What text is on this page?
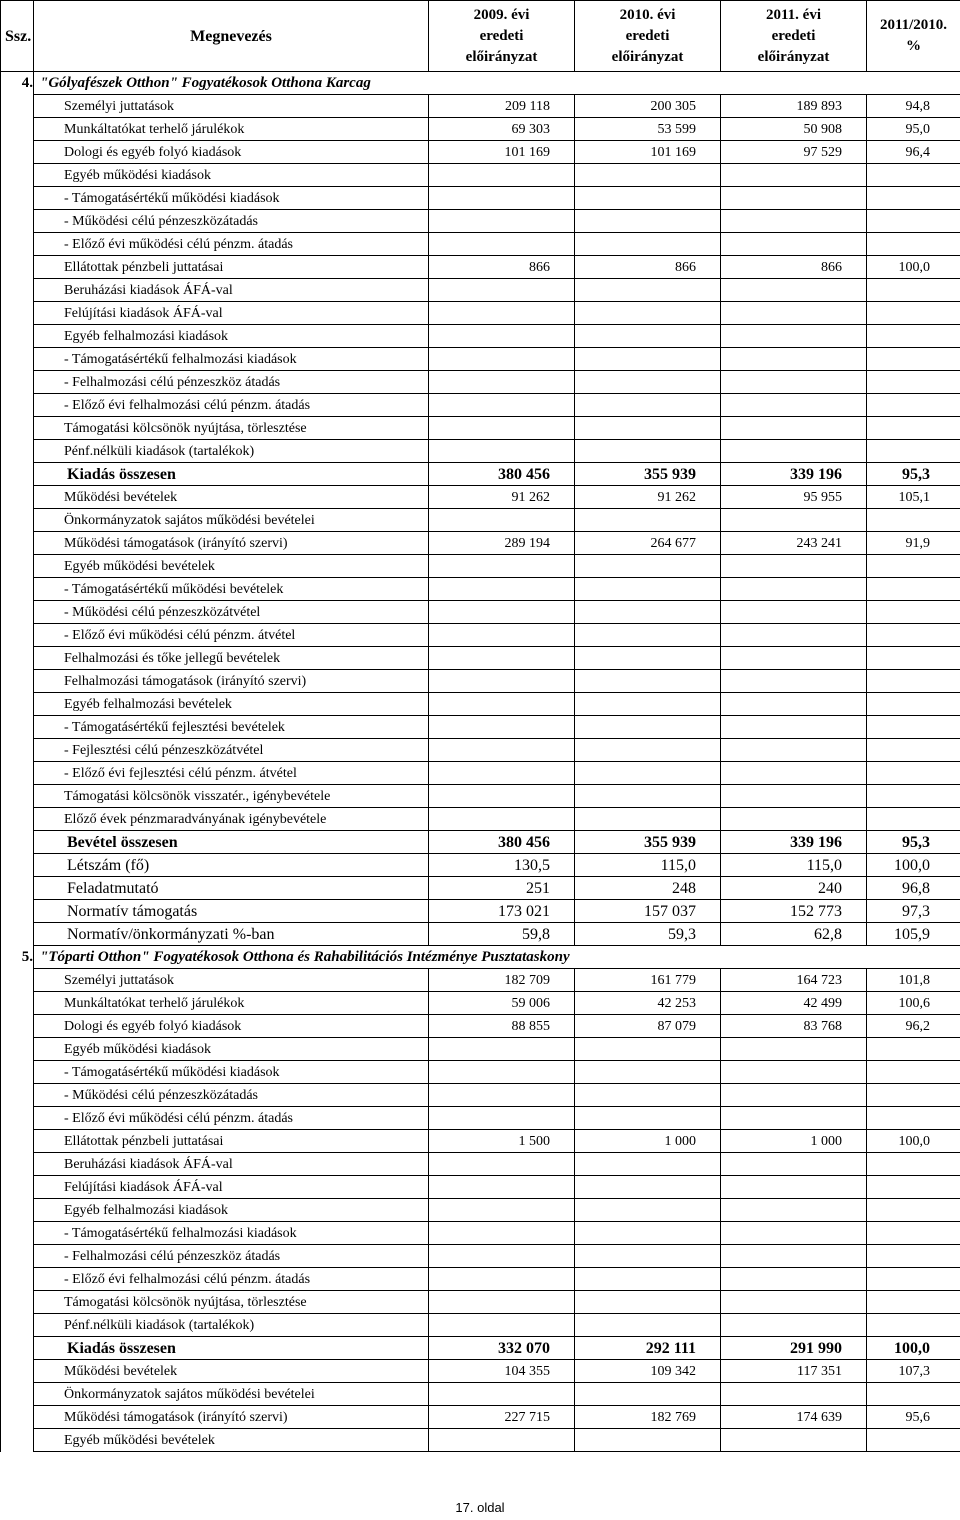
Ssz.	Megnevezés	2009. évi
eredeti
előirányzat	2010. évi
eredeti
előirányzat	2011. évi
eredeti
előirányzat	2011/2010.
%

4.	"Gólyafészek Otthon" Fogyatékosok Otthona Karcag				
	Személyi juttatások	209 118	200 305	189 893	94,8
	Munkáltatókat terhelő járulékok	69 303	53 599	50 908	95,0
	Dologi és egyéb folyó kiadások	101 169	101 169	97 529	96,4
	Egyéb működési kiadások				
	- Támogatásértékű működési kiadások				
	- Működési célú pénzeszközátadás				
	- Előző évi működési célú pénzm. átadás				
	Ellátottak pénzbeli juttatásai	866	866	866	100,0
	Beruházási kiadások ÁFÁ-val				
	Felújítási kiadások ÁFÁ-val				
	Egyéb felhalmozási kiadások				
	- Támogatásértékű felhalmozási kiadások				
	- Felhalmozási célú pénzeszköz átadás				
	- Előző évi felhalmozási célú pénzm. átadás				
	Támogatási kölcsönök nyújtása, törlesztése				
	Pénf.nélküli kiadások (tartalékok)				
	Kiadás összesen	380 456	355 939	339 196	95,3
	Működési bevételek	91 262	91 262	95 955	105,1
	Önkormányzatok sajátos működési bevételei				
	Működési támogatások (irányító szervi)	289 194	264 677	243 241	91,9
	Egyéb működési bevételek				
	- Támogatásértékű működési bevételek				
	- Működési célú pénzeszközátvétel				
	- Előző évi működési célú pénzm. átvétel				
	Felhalmozási és tőke jellegű bevételek				
	Felhalmozási támogatások (irányító szervi)				
	Egyéb felhalmozási bevételek				
	- Támogatásértékű fejlesztési bevételek				
	- Fejlesztési célú pénzeszközátvétel				
	- Előző évi fejlesztési célú pénzm. átvétel				
	Támogatási kölcsönök visszatér., igénybevétele				
	Előző évek pénzmaradványának igénybevétele				
	Bevétel összesen	380 456	355 939	339 196	95,3
	Létszám (fő)	130,5	115,0	115,0	100,0
	Feladatmutató	251	248	240	96,8
	Normatív támogatás	173 021	157 037	152 773	97,3
	Normatív/önkormányzati %-ban	59,8	59,3	62,8	105,9
5.	"Tóparti Otthon" Fogyatékosok Otthona és Rahabilitációs Intézménye Pusztataskony				
	Személyi juttatások	182 709	161 779	164 723	101,8
	Munkáltatókat terhelő járulékok	59 006	42 253	42 499	100,6
	Dologi és egyéb folyó kiadások	88 855	87 079	83 768	96,2
	Egyéb működési kiadások				
	- Támogatásértékű működési kiadások				
	- Működési célú pénzeszközátadás				
	- Előző évi működési célú pénzm. átadás				
	Ellátottak pénzbeli juttatásai	1 500	1 000	1 000	100,0
	Beruházási kiadások ÁFÁ-val				
	Felújítási kiadások ÁFÁ-val				
	Egyéb felhalmozási kiadások				
	- Támogatásértékű felhalmozási kiadások				
	- Felhalmozási célú pénzeszköz átadás				
	- Előző évi felhalmozási célú pénzm. átadás				
	Támogatási kölcsönök nyújtása, törlesztése				
	Pénf.nélküli kiadások (tartalékok)				
	Kiadás összesen	332 070	292 111	291 990	100,0
	Működési bevételek	104 355	109 342	117 351	107,3
	Önkormányzatok sajátos működési bevételei				
	Működési támogatások (irányító szervi)	227 715	182 769	174 639	95,6
	Egyéb működési bevételek				
17. oldal
